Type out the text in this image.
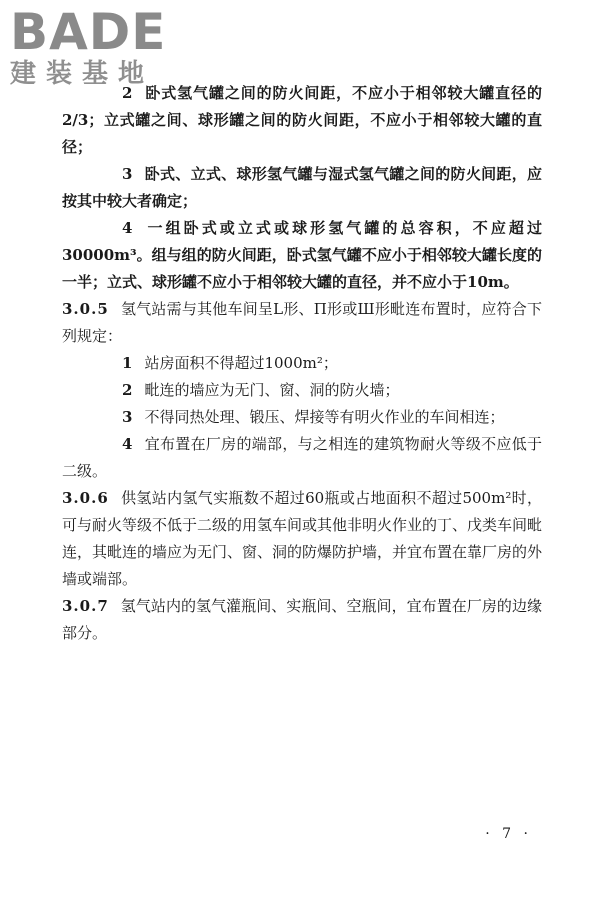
BADE
建装基地

2 卧式氢气罐之间的防火间距，不应小于相邻较大罐直径的2/3；立式罐之间、球形罐之间的防火间距，不应小于相邻较大罐的直径；

3 卧式、立式、球形氢气罐与湿式氢气罐之间的防火间距，应按其中较大者确定；

4 一组卧式或立式或球形氢气罐的总容积，不应超过30000m³。组与组的防火间距，卧式氢气罐不应小于相邻较大罐长度的一半；立式、球形罐不应小于相邻较大罐的直径，并不应小于10m。

3.0.5 氢气站需与其他车间呈L形、Π形或Ш形毗连布置时，应符合下列规定：

1 站房面积不得超过1000m²；

2 毗连的墙应为无门、窗、洞的防火墙；

3 不得同热处理、锻压、焊接等有明火作业的车间相连；

4 宜布置在厂房的端部，与之相连的建筑物耐火等级不应低于二级。

3.0.6 供氢站内氢气实瓶数不超过60瓶或占地面积不超过500m²时，可与耐火等级不低于二级的用氢车间或其他非明火作业的丁、戊类车间毗连，其毗连的墙应为无门、窗、洞的防爆防护墙，并宜布置在靠厂房的外墙或端部。

3.0.7 氢气站内的氢气灌瓶间、实瓶间、空瓶间，宜布置在厂房的边缘部分。

· 7 ·
